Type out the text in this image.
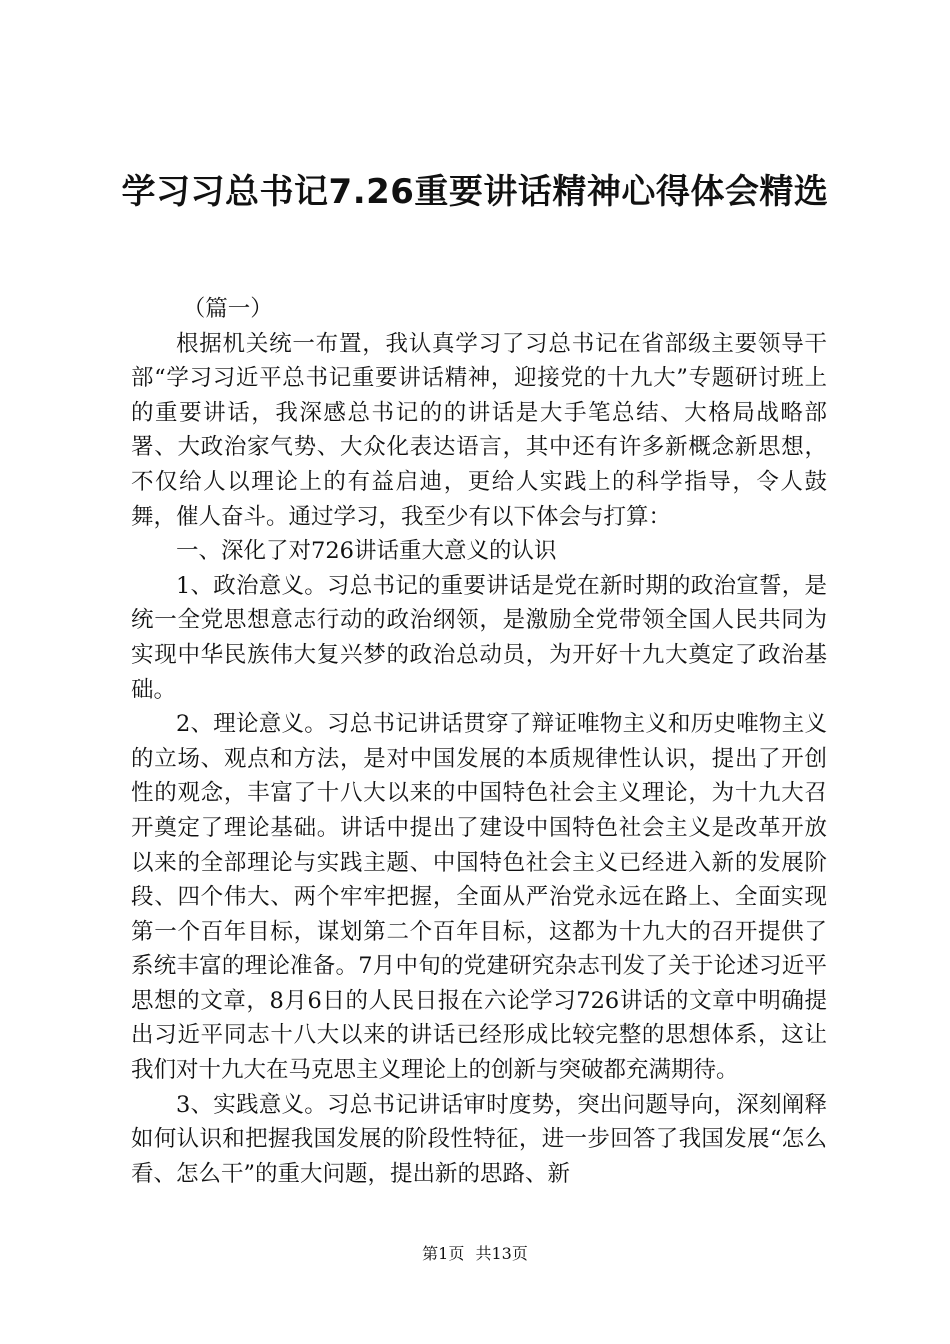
学习习总书记7.26重要讲话精神心得体会精选

（篇一）

根据机关统一布置，我认真学习了习总书记在省部级主要领导干部“学习习近平总书记重要讲话精神，迎接党的十九大”专题研讨班上的重要讲话，我深感总书记的的讲话是大手笔总结、大格局战略部署、大政治家气势、大众化表达语言，其中还有许多新概念新思想，不仅给人以理论上的有益启迪，更给人实践上的科学指导，令人鼓舞，催人奋斗。通过学习，我至少有以下体会与打算：

一、深化了对726讲话重大意义的认识

1、政治意义。习总书记的重要讲话是党在新时期的政治宣誓，是统一全党思想意志行动的政治纲领，是激励全党带领全国人民共同为实现中华民族伟大复兴梦的政治总动员，为开好十九大奠定了政治基础。

2、理论意义。习总书记讲话贯穿了辩证唯物主义和历史唯物主义的立场、观点和方法，是对中国发展的本质规律性认识，提出了开创性的观念，丰富了十八大以来的中国特色社会主义理论，为十九大召开奠定了理论基础。讲话中提出了建设中国特色社会主义是改革开放以来的全部理论与实践主题、中国特色社会主义已经进入新的发展阶段、四个伟大、两个牢牢把握，全面从严治党永远在路上、全面实现第一个百年目标，谋划第二个百年目标，这都为十九大的召开提供了系统丰富的理论准备。7月中旬的党建研究杂志刊发了关于论述习近平思想的文章，8月6日的人民日报在六论学习726讲话的文章中明确提出习近平同志十八大以来的讲话已经形成比较完整的思想体系，这让我们对十九大在马克思主义理论上的创新与突破都充满期待。

3、实践意义。习总书记讲话审时度势，突出问题导向，深刻阐释如何认识和把握我国发展的阶段性特征，进一步回答了我国发展“怎么看、怎么干”的重大问题，提出新的思路、新

第1页 共13页
